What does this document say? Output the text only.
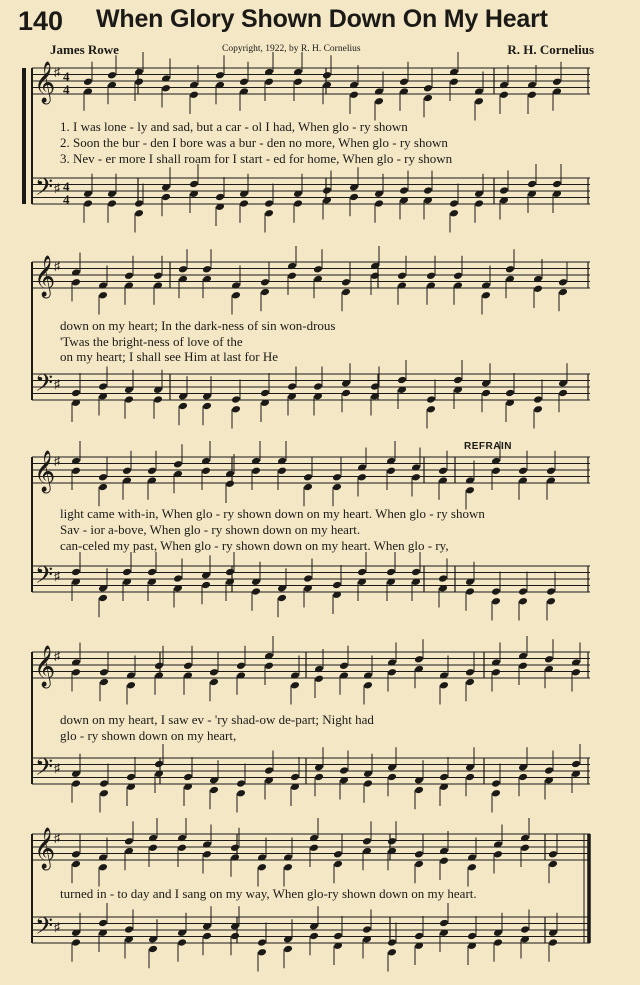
140 When Glory Shown Down On My Heart
James Rowe	Copyright, 1922, by R. H. Cornelius	R. H. Cornelius
𝄞
𝄢
♯
♯
4
4
4
4
𝄞
𝄢
♯
♯
𝄞
𝄢
♯
♯
𝄞
𝄢
♯
♯
𝄞
𝄢
♯
♯
REFRAIN
1. I was lone - ly and sad, but a car - ol I had, When glo - ry shown
2. Soon the bur - den I bore was a bur - den no more, When glo - ry shown
3. Nev - er more I shall roam for I start - ed for home, When glo - ry shown
down on my heart; In the dark-ness of sin won-drous
'Twas the bright-ness of love of the
on my heart; I shall see Him at last for He
light came with-in, When glo - ry shown down on my heart. When glo - ry shown
Sav - ior a-bove, When glo - ry shown down on my heart.
can-celed my past, When glo - ry shown down on my heart. When glo - ry,
down on my heart, I saw ev - 'ry shad-ow de-part; Night had
glo - ry shown down on my heart,
turned in - to day and I sang on my way, When glo-ry shown down on my heart.
